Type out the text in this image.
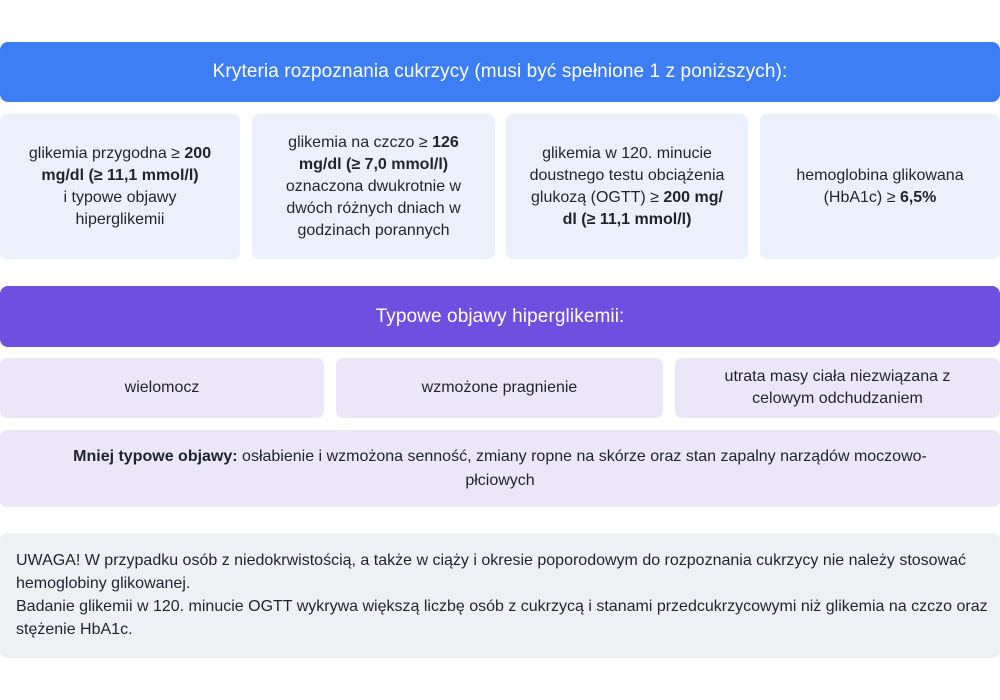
Kryteria rozpoznania cukrzycy (musi być spełnione 1 z poniższych):
glikemia przygodna ≥ 200
mg/dl (≥ 11,1 mmol/l)
i typowe objawy hiperglikemii
glikemia na czczo ≥ 126
mg/dl (≥ 7,0 mmol/l)
oznaczona dwukrotnie w dwóch różnych dniach w godzinach porannych
glikemia w 120. minucie doustnego testu obciążenia glukozą (OGTT) ≥ 200 mg/
dl (≥ 11,1 mmol/l)
hemoglobina glikowana (HbA1c) ≥ 6,5%
Typowe objawy hiperglikemii:
wielomocz	wzmożone pragnienie
utrata masy ciała niezwiązana z celowym odchudzaniem
Mniej typowe objawy: osłabienie i wzmożona senność, zmiany ropne na skórze oraz stan zapalny narządów moczowo-płciowych

UWAGA! W przypadku osób z niedokrwistością, a także w ciąży i okresie poporodowym do rozpoznania cukrzycy nie należy stosować hemoglobiny glikowanej.

Badanie glikemii w 120. minucie OGTT wykrywa większą liczbę osób z cukrzycą i stanami przedcukrzycowymi niż glikemia na czczo oraz stężenie HbA1c.
